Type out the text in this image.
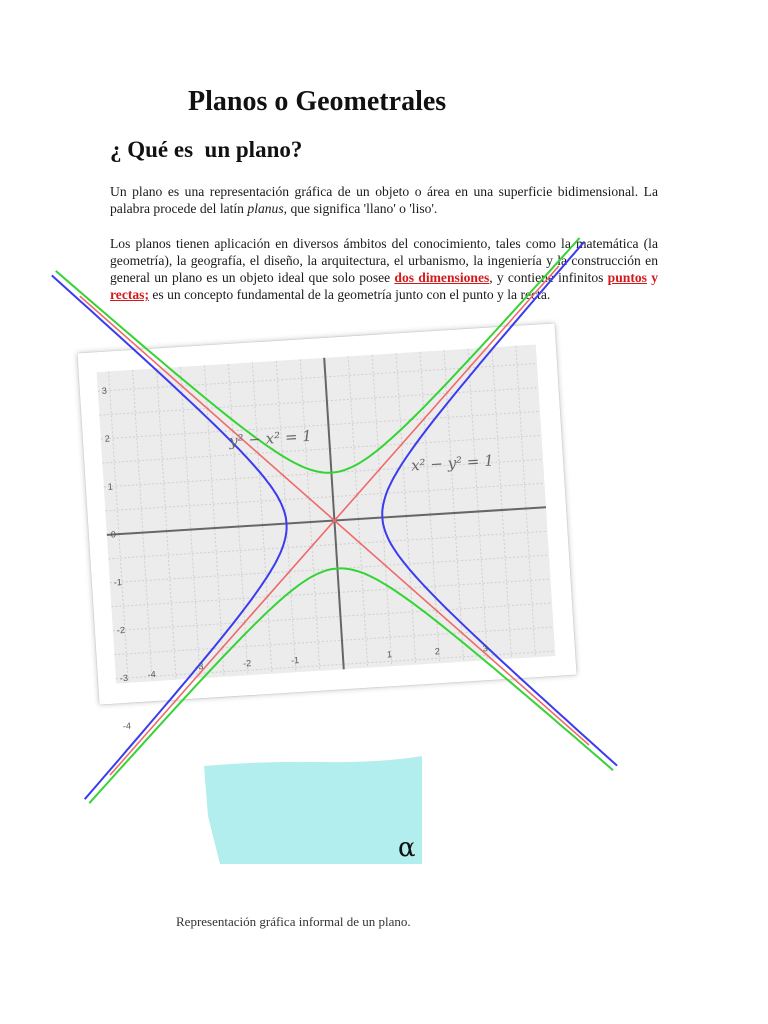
Planos o Geometrales
¿ Qué es  un plano?

Un plano es una representación gráfica de un objeto o área en una superficie bidimensional. La palabra procede del latín planus, que significa 'llano' o 'liso'.

Los planos tienen aplicación en diversos ámbitos del conocimiento, tales como la matemática (la geometría), la geografía, el diseño, la arquitectura, el urbanismo, la ingeniería y la construcción en general un plano es un objeto ideal que solo posee dos dimensiones, y contiene infinitos puntos y rectas; es un concepto fundamental de la geometría junto con el punto y la recta.

-4
-3	-2	-1
1	2	3
3
2
1
0
-1
-2
-3
-4
y² − x² = 1
x² − y² = 1
α

Representación gráfica informal de un plano.
